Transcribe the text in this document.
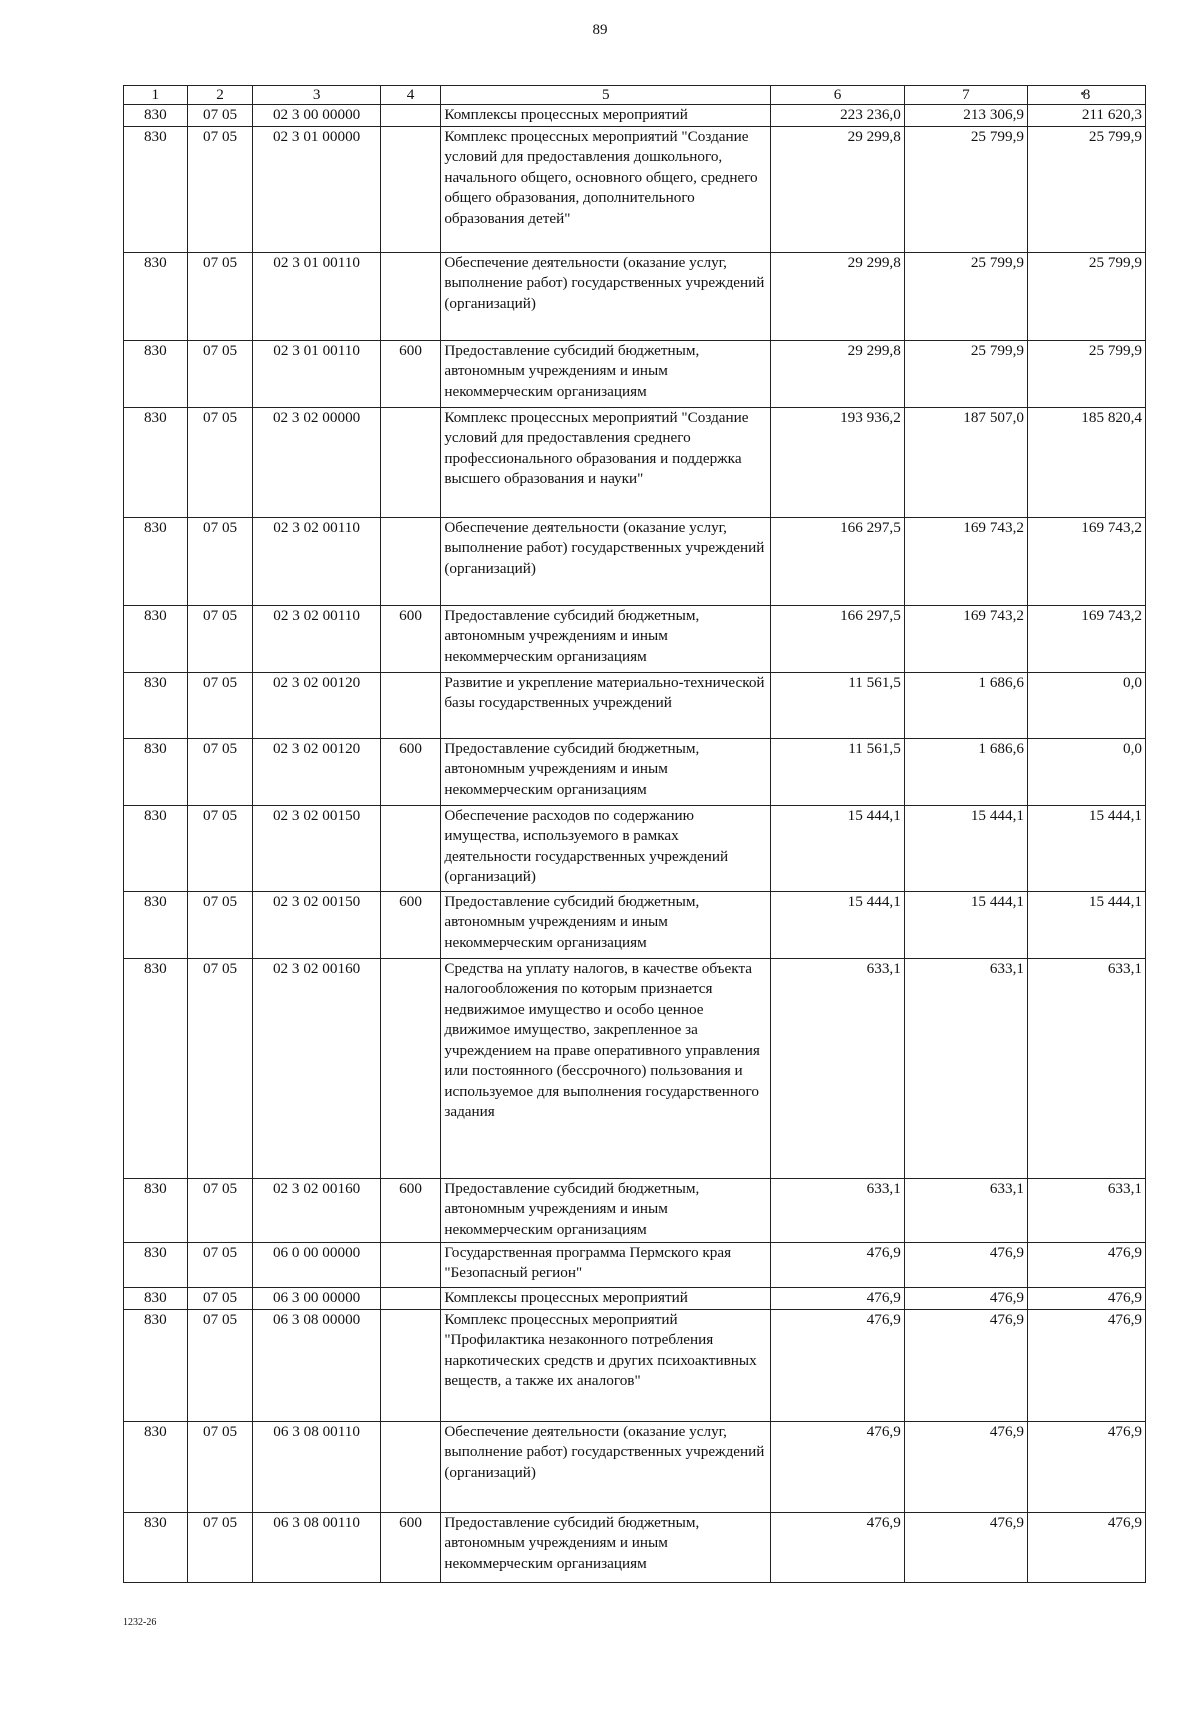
89
1	2	3	4	5	6	7	8
830	07 05	02 3 00 00000		Комплексы процессных мероприятий	223 236,0	213 306,9	211 620,3
830	07 05	02 3 01 00000		Комплекс процессных мероприятий "Создание условий для предоставления дошкольного, начального общего, основного общего, среднего общего образования, дополнительного образования детей"	29 299,8	25 799,9	25 799,9
830	07 05	02 3 01 00110		Обеспечение деятельности (оказание услуг, выполнение работ) государственных учреждений (организаций)	29 299,8	25 799,9	25 799,9
830	07 05	02 3 01 00110	600	Предоставление субсидий бюджетным, автономным учреждениям и иным некоммерческим организациям	29 299,8	25 799,9	25 799,9
830	07 05	02 3 02 00000		Комплекс процессных мероприятий "Создание условий для предоставления среднего профессионального образования и поддержка высшего образования и науки"	193 936,2	187 507,0	185 820,4
830	07 05	02 3 02 00110		Обеспечение деятельности (оказание услуг, выполнение работ) государственных учреждений (организаций)	166 297,5	169 743,2	169 743,2
830	07 05	02 3 02 00110	600	Предоставление субсидий бюджетным, автономным учреждениям и иным некоммерческим организациям	166 297,5	169 743,2	169 743,2
830	07 05	02 3 02 00120		Развитие и укрепление материально-технической базы государственных учреждений	11 561,5	1 686,6	0,0
830	07 05	02 3 02 00120	600	Предоставление субсидий бюджетным, автономным учреждениям и иным некоммерческим организациям	11 561,5	1 686,6	0,0
830	07 05	02 3 02 00150		Обеспечение расходов по содержанию имущества, используемого в рамках деятельности государственных учреждений (организаций)	15 444,1	15 444,1	15 444,1
830	07 05	02 3 02 00150	600	Предоставление субсидий бюджетным, автономным учреждениям и иным некоммерческим организациям	15 444,1	15 444,1	15 444,1
830	07 05	02 3 02 00160		Средства на уплату налогов, в качестве объекта налогообложения по которым признается недвижимое имущество и особо ценное движимое имущество, закрепленное за учреждением на праве оперативного управления или постоянного (бессрочного) пользования и используемое для выполнения государственного задания	633,1	633,1	633,1
830	07 05	02 3 02 00160	600	Предоставление субсидий бюджетным, автономным учреждениям и иным некоммерческим организациям	633,1	633,1	633,1
830	07 05	06 0 00 00000		Государственная программа Пермского края "Безопасный регион"	476,9	476,9	476,9
830	07 05	06 3 00 00000		Комплексы процессных мероприятий	476,9	476,9	476,9
830	07 05	06 3 08 00000		Комплекс процессных мероприятий "Профилактика незаконного потребления наркотических средств и других психоактивных веществ, а также их аналогов"	476,9	476,9	476,9
830	07 05	06 3 08 00110		Обеспечение деятельности (оказание услуг, выполнение работ) государственных учреждений (организаций)	476,9	476,9	476,9
830	07 05	06 3 08 00110	600	Предоставление субсидий бюджетным, автономным учреждениям и иным некоммерческим организациям	476,9	476,9	476,9
1232-26
